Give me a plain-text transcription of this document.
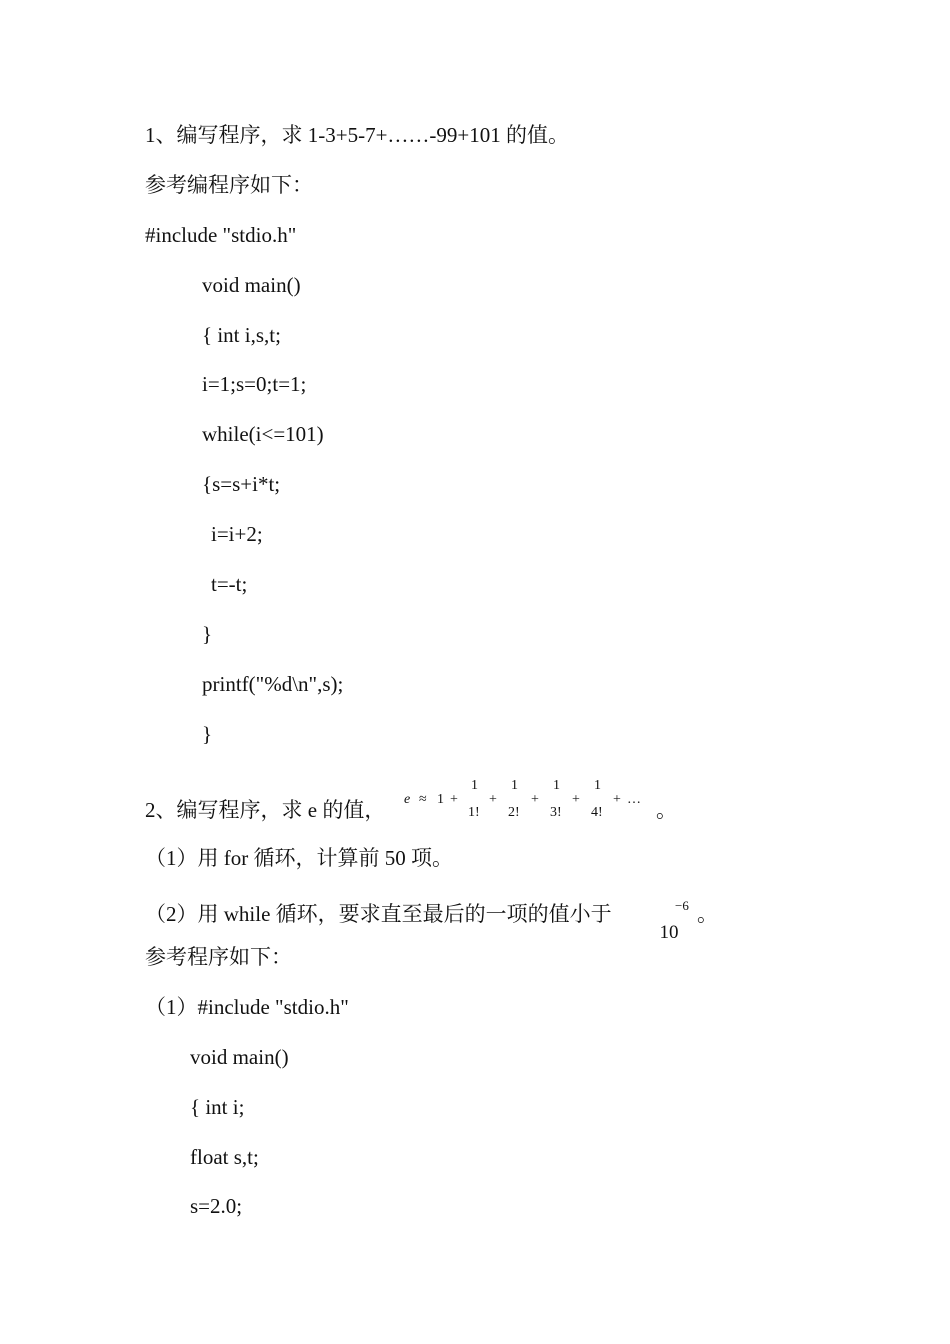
1、编写程序，求 1-3+5-7+……-99+101 的值。
参考编程序如下：
#include "stdio.h"
void main()
{ int i,s,t;
i=1;s=0;t=1;
while(i<=101)
{s=s+i*t;
i=i+2;
t=-t;
}
printf("%d\n",s);
}
2、编写程序，求 e 的值， e ≈ 1 +
1
1!
+
1
2!
+
1
3!
+
1
4!
+ … 。
（1）用 for 循环，计算前 50 项。
（2）用 while 循环，要求直至最后的一项的值小于

10

−6 。
参考程序如下：
（1）#include "stdio.h"
void main()
{ int i;
float s,t;
s=2.0;
